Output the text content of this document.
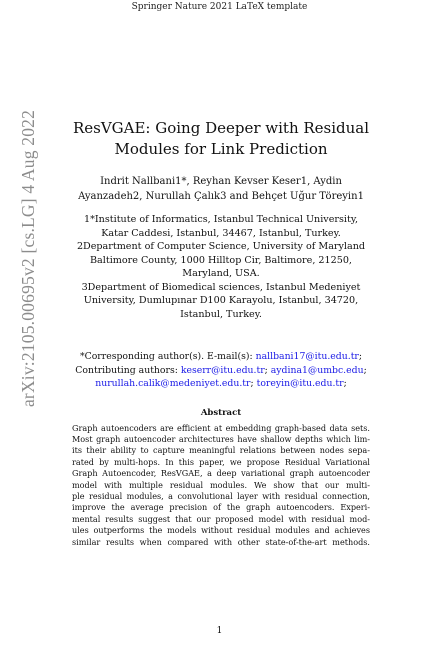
Springer Nature 2021 LaTeX template
arXiv:2105.00695v2 [cs.LG] 4 Aug 2022 ResVGAE: Going Deeper with Residual Modules for Link Prediction
Indrit Nallbani1*, Reyhan Kevser Keser1, Aydin Ayanzadeh2, Nurullah Çalık3 and Behçet Uğur Töreyin1
1*Institute of Informatics, Istanbul Technical University, Katar Caddesi, Istanbul, 34467, Istanbul, Turkey.
2Department of Computer Science, University of Maryland Baltimore County, 1000 Hilltop Cir, Baltimore, 21250, Maryland, USA.
3Department of Biomedical sciences, Istanbul Medeniyet University, Dumlupınar D100 Karayolu, Istanbul, 34720, Istanbul, Turkey.
*Corresponding author(s). E-mail(s): nallbani17@itu.edu.tr;
Contributing authors: keserr@itu.edu.tr; aydina1@umbc.edu;
nurullah.calik@medeniyet.edu.tr; toreyin@itu.edu.tr;
Abstract
Graph autoencoders are efficient at embedding graph-based data sets.
Most graph autoencoder architectures have shallow depths which lim-
its their ability to capture meaningful relations between nodes sepa-
rated by multi-hops. In this paper, we propose Residual Variational
Graph Autoencoder, ResVGAE, a deep variational graph autoencoder
model with multiple residual modules. We show that our multi-
ple residual modules, a convolutional layer with residual connection,
improve the average precision of the graph autoencoders. Experi-
mental results suggest that our proposed model with residual mod-
ules outperforms the models without residual modules and achieves
similar results when compared with other state-of-the-art methods.
1
